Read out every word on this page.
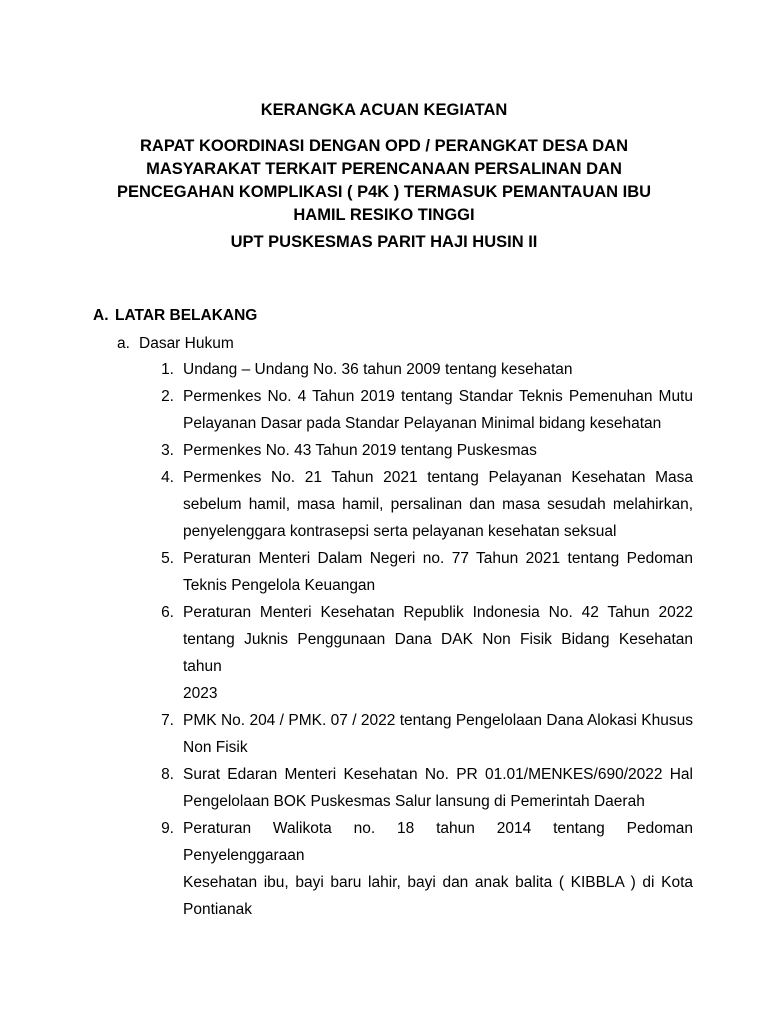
KERANGKA ACUAN KEGIATAN
RAPAT KOORDINASI DENGAN OPD / PERANGKAT DESA DAN
MASYARAKAT TERKAIT PERENCANAAN PERSALINAN DAN
PENCEGAHAN KOMPLIKASI ( P4K ) TERMASUK PEMANTAUAN IBU
HAMIL RESIKO TINGGI
UPT PUSKESMAS PARIT HAJI HUSIN II
A. LATAR BELAKANG

a. Dasar Hukum

1. Undang – Undang No. 36 tahun 2009 tentang kesehatan
2. Permenkes No. 4 Tahun 2019 tentang Standar Teknis Pemenuhan Mutu
Pelayanan Dasar pada Standar Pelayanan Minimal bidang kesehatan
3. Permenkes No. 43 Tahun 2019 tentang Puskesmas
4. Permenkes No. 21 Tahun 2021 tentang Pelayanan Kesehatan Masa
sebelum hamil, masa hamil, persalinan dan masa sesudah melahirkan,
penyelenggara kontrasepsi serta pelayanan kesehatan seksual
5. Peraturan Menteri Dalam Negeri no. 77 Tahun 2021 tentang Pedoman
Teknis Pengelola Keuangan
6. Peraturan Menteri Kesehatan Republik Indonesia No. 42 Tahun 2022
tentang Juknis Penggunaan Dana DAK Non Fisik Bidang Kesehatan tahun
2023
7. PMK No. 204 / PMK. 07 / 2022 tentang Pengelolaan Dana Alokasi Khusus
Non Fisik
8. Surat Edaran Menteri Kesehatan No. PR 01.01/MENKES/690/2022 Hal
Pengelolaan BOK Puskesmas Salur lansung di Pemerintah Daerah
9. Peraturan Walikota no. 18 tahun 2014 tentang Pedoman Penyelenggaraan
Kesehatan ibu, bayi baru lahir, bayi dan anak balita ( KIBBLA ) di Kota
Pontianak
